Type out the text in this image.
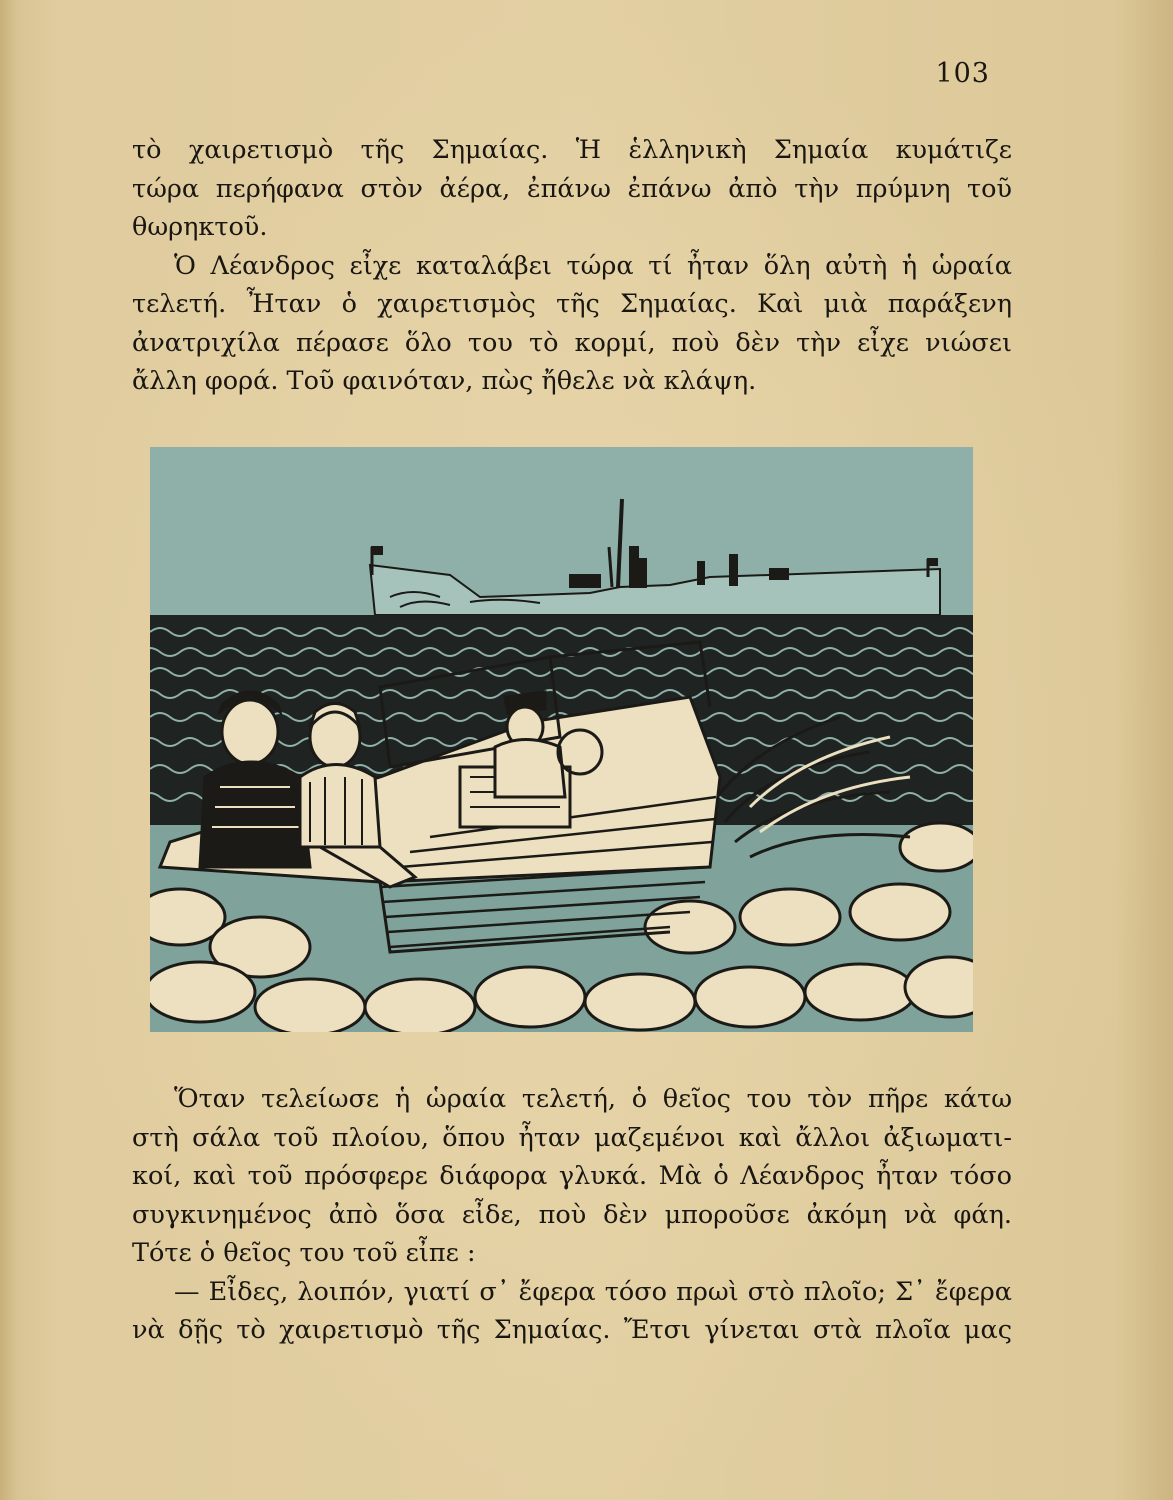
103

τὸ χαιρετισμὸ τῆς Σημαίας. Ἡ ἑλληνικὴ Σημαία κυμάτιζε
τώρα περήφανα στὸν ἀέρα, ἐπάνω ἐπάνω ἀπὸ τὴν πρύμνη τοῦ
θωρηκτοῦ.

Ὁ Λέανδρος εἶχε καταλάβει τώρα τί ἦταν ὅλη αὐτὴ ἡ ὡραία
τελετή. Ἦταν ὁ χαιρετισμὸς τῆς Σημαίας. Καὶ μιὰ παράξενη
ἀνατριχίλα πέρασε ὅλο του τὸ κορμί, ποὺ δὲν τὴν εἶχε νιώσει
ἄλλη φορά. Τοῦ φαινόταν, πὼς ἤθελε νὰ κλάψη.

Ὅταν τελείωσε ἡ ὡραία τελετή, ὁ θεῖος του τὸν πῆρε κάτω
στὴ σάλα τοῦ πλοίου, ὅπου ἦταν μαζεμένοι καὶ ἄλλοι ἀξιωματι-
κοί, καὶ τοῦ πρόσφερε διάφορα γλυκά. Μὰ ὁ Λέανδρος ἦταν τόσο
συγκινημένος ἀπὸ ὅσα εἶδε, ποὺ δὲν μποροῦσε ἀκόμη νὰ φάη.
Τότε ὁ θεῖος του τοῦ εἶπε :

— Εἶδες, λοιπόν, γιατί σ᾽ ἔφερα τόσο πρωὶ στὸ πλοῖο; Σ᾽ ἔφερα
νὰ δῇς τὸ χαιρετισμὸ τῆς Σημαίας. Ἔτσι γίνεται στὰ πλοῖα μας
